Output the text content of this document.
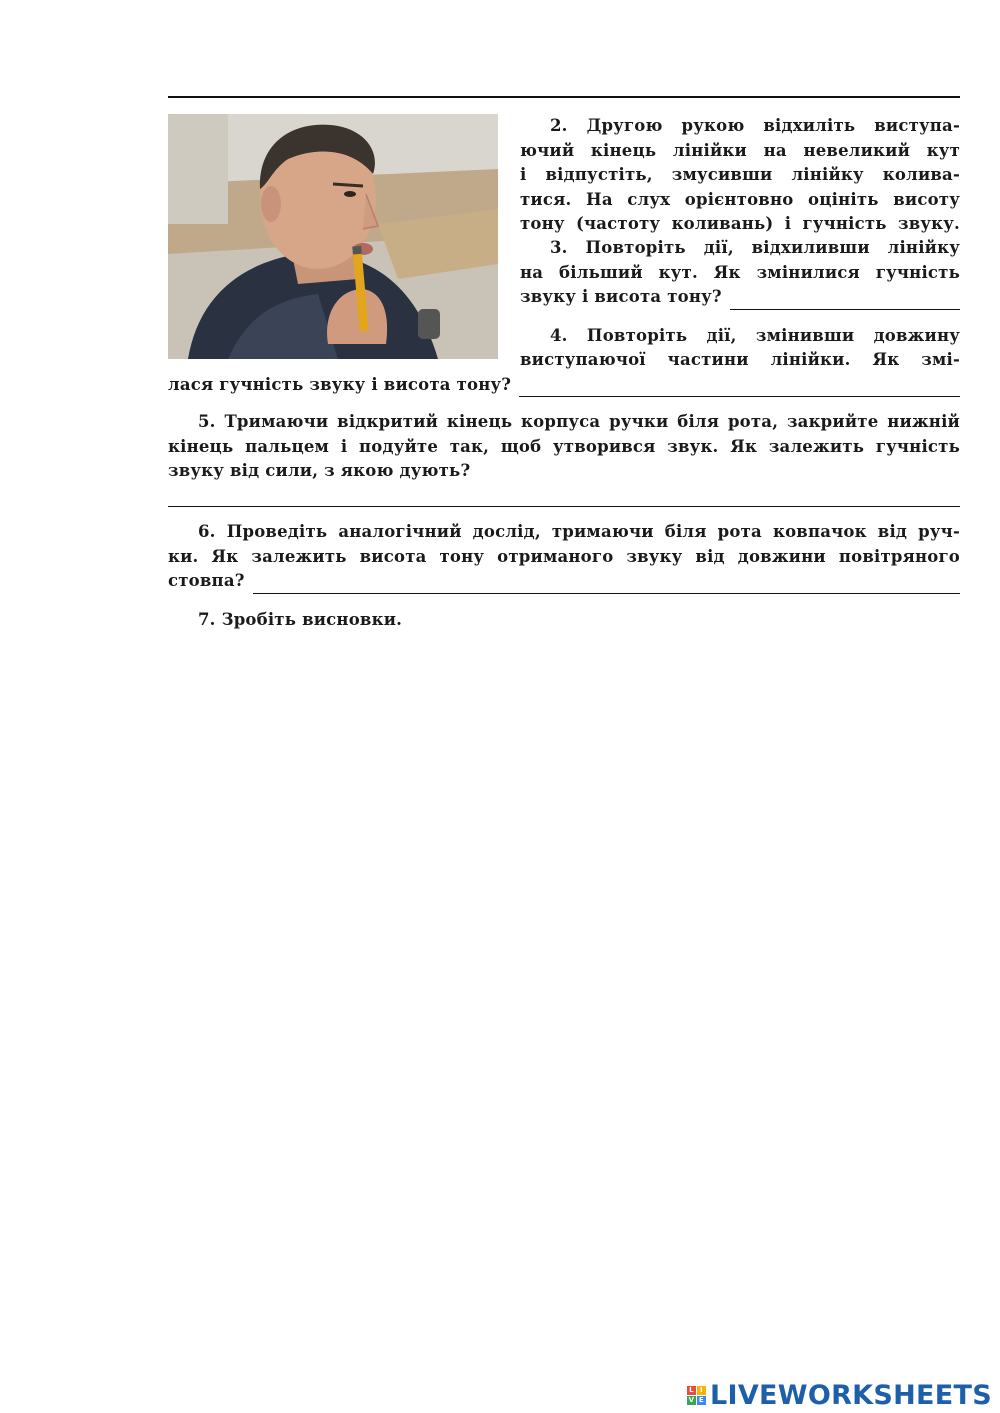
2. Другою рукою відхиліть виступа-
ючий кінець лінійки на невеликий кут
і відпустіть, змусивши лінійку колива-
тися. На слух орієнтовно оцініть висоту
тону (частоту коливань) і гучність звуку.
3. Повторіть дії, відхиливши лінійку
на більший кут. Як змінилися гучність
звуку і висота тону?
4. Повторіть дії, змінивши довжину
виступаючої частини лінійки. Як змі-
лася гучність звуку і висота тону?
5. Тримаючи відкритий кінець корпуса ручки біля рота, закрийте нижній кінець пальцем і подуйте так, щоб утворився звук. Як залежить гучність звуку від сили, з якою дують?
6. Проведіть аналогічний дослід, тримаючи біля рота ковпачок від руч-
ки. Як залежить висота тону отриманого звуку від довжини повітряного
стовпа?
7. Зробіть висновки.
L I
V E LIVEWORKSHEETS
